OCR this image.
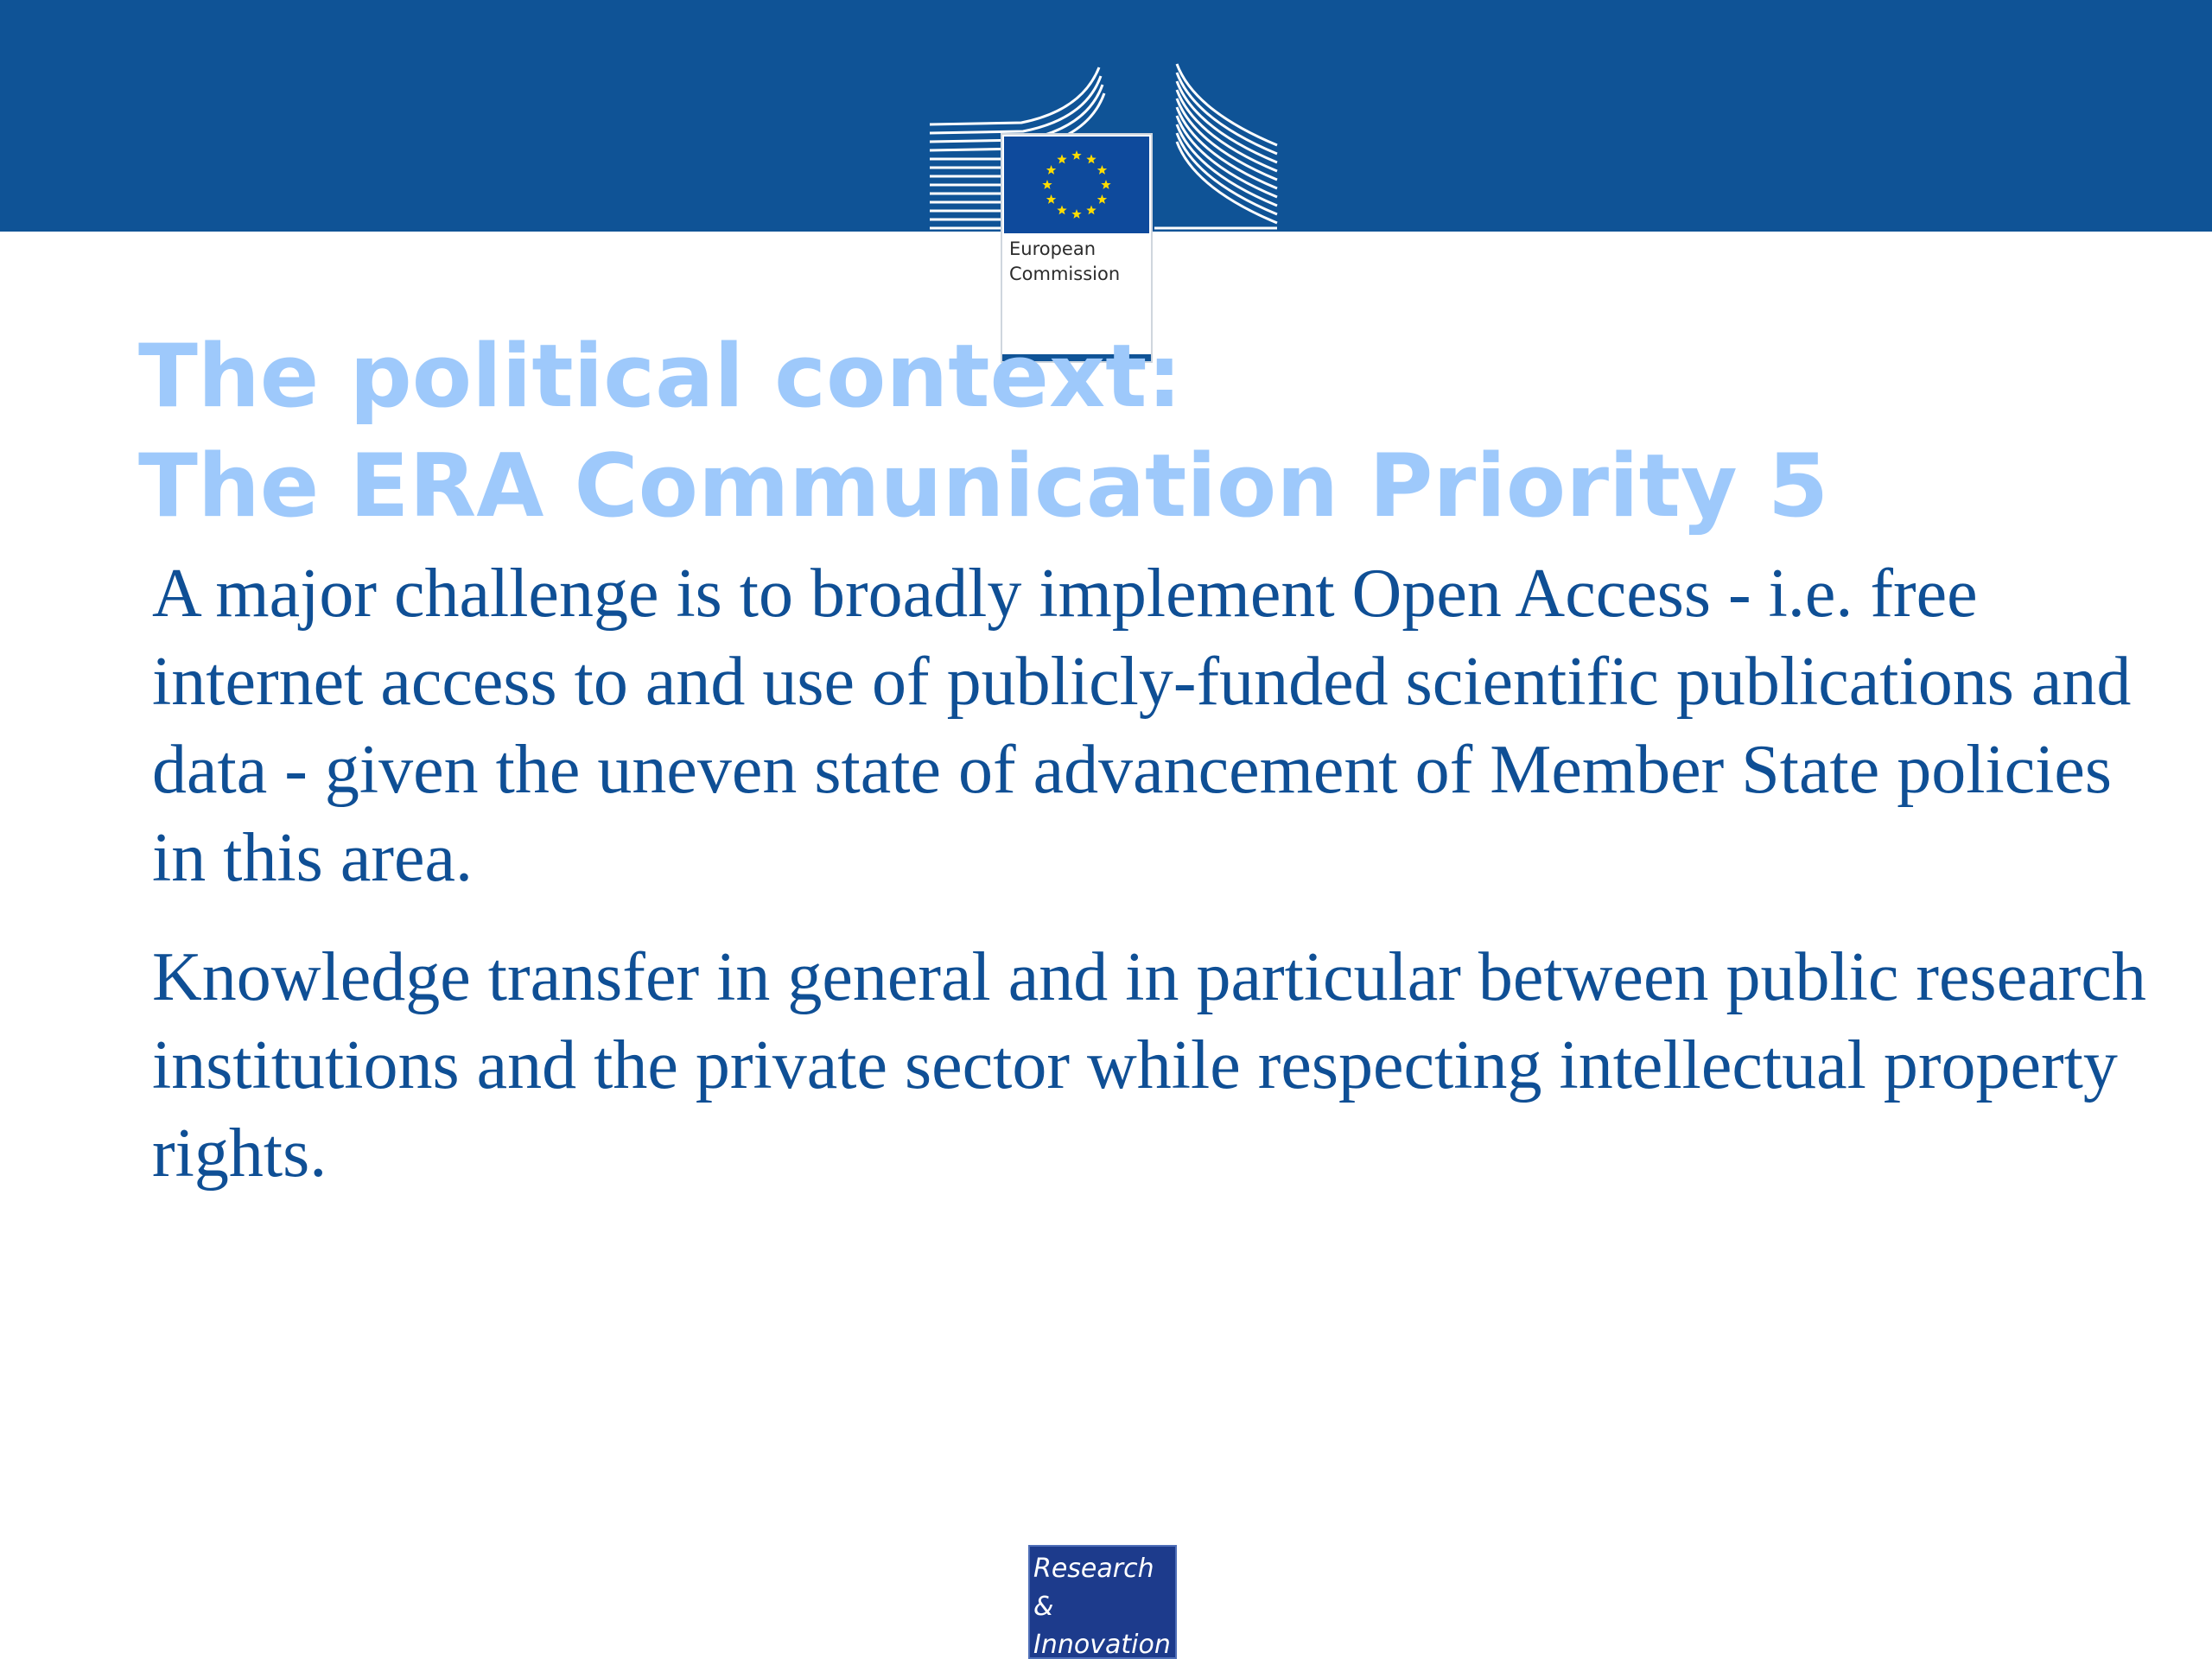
European
Commission
The political context:
The ERA Communication Priority 5

A major challenge is to broadly implement Open Access - i.e. free internet access to and use of publicly-funded scientific publications and data - given the uneven state of advancement of Member State policies in this area.

Knowledge transfer in general and in particular between public research institutions and the private sector while respecting intellectual property rights.

Research &
Innovation
